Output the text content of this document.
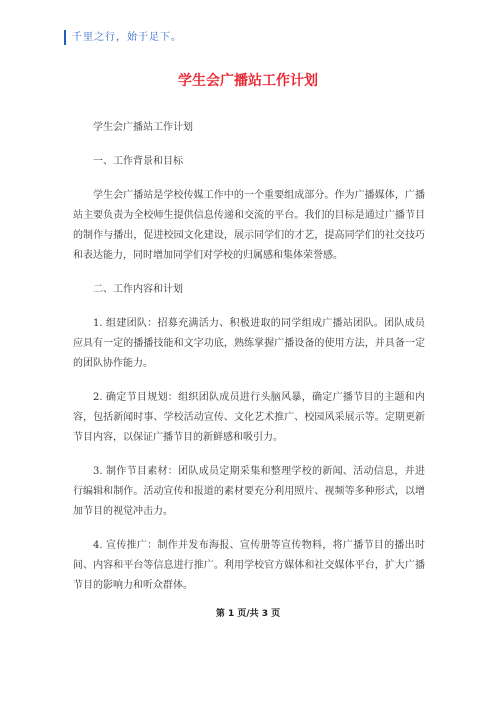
千里之行，始于足下。
学生会广播站工作计划

学生会广播站工作计划

一、工作背景和目标

学生会广播站是学校传媒工作中的一个重要组成部分。作为广播媒体，广播站主要负责为全校师生提供信息传递和交流的平台。我们的目标是通过广播节目的制作与播出，促进校园文化建设，展示同学们的才艺，提高同学们的社交技巧和表达能力，同时增加同学们对学校的归属感和集体荣誉感。

二、工作内容和计划

1. 组建团队：招募充满活力、积极进取的同学组成广播站团队。团队成员应具有一定的播播技能和文字功底，熟练掌握广播设备的使用方法，并具备一定的团队协作能力。

2. 确定节目规划：组织团队成员进行头脑风暴，确定广播节目的主题和内容，包括新闻时事、学校活动宣传、文化艺术推广、校园风采展示等。定期更新节目内容，以保证广播节目的新鲜感和吸引力。

3. 制作节目素材：团队成员定期采集和整理学校的新闻、活动信息，并进行编辑和制作。活动宣传和报道的素材要充分利用照片、视频等多种形式，以增加节目的视觉冲击力。

4. 宣传推广：制作并发布海报、宣传册等宣传物料，将广播节目的播出时间、内容和平台等信息进行推广。利用学校官方媒体和社交媒体平台，扩大广播节目的影响力和听众群体。

第 1 页/共 3 页
